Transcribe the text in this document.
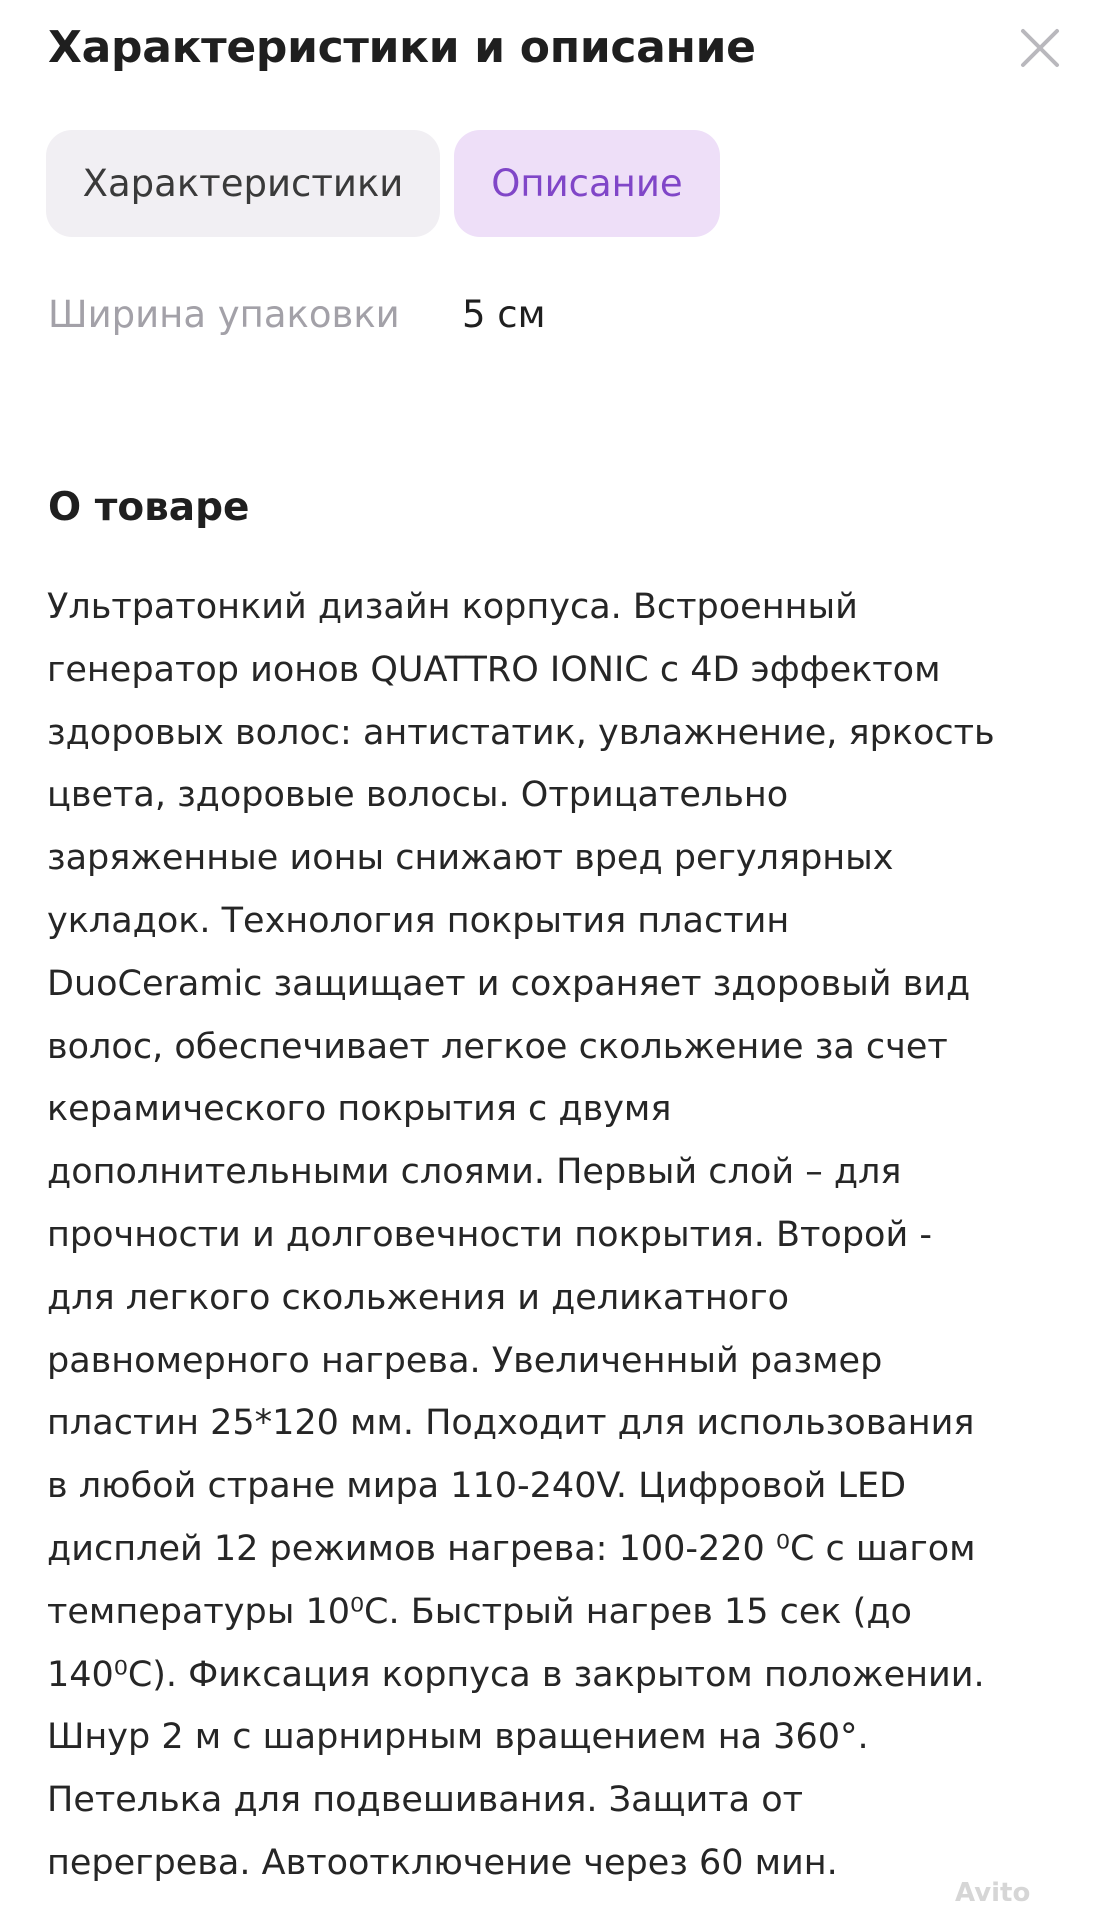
Характеристики и описание
Характеристики	Описание
Ширина упаковки 5 см
О товаре
Ультратонкий дизайн корпуса. Встроенный
генератор ионов QUATTRO IONIC с 4D эффектом
здоровых волос: антистатик, увлажнение, яркость
цвета, здоровые волосы. Отрицательно
заряженные ионы снижают вред регулярных
укладок. Технология покрытия пластин
DuoCeramic защищает и сохраняет здоровый вид
волос, обеспечивает легкое скольжение за счет
керамического покрытия с двумя
дополнительными слоями. Первый слой – для
прочности и долговечности покрытия. Второй -
для легкого скольжения и деликатного
равномерного нагрева. Увеличенный размер
пластин 25*120 мм. Подходит для использования
в любой стране мира 110-240V. Цифровой LED
дисплей 12 режимов нагрева: 100-220 ⁰С с шагом
температуры 10⁰С. Быстрый нагрев 15 сек (до
140⁰С). Фиксация корпуса в закрытом положении.
Шнур 2 м с шарнирным вращением на 360°.
Петелька для подвешивания. Защита от
перегрева. Автоотключение через 60 мин.
Avito
